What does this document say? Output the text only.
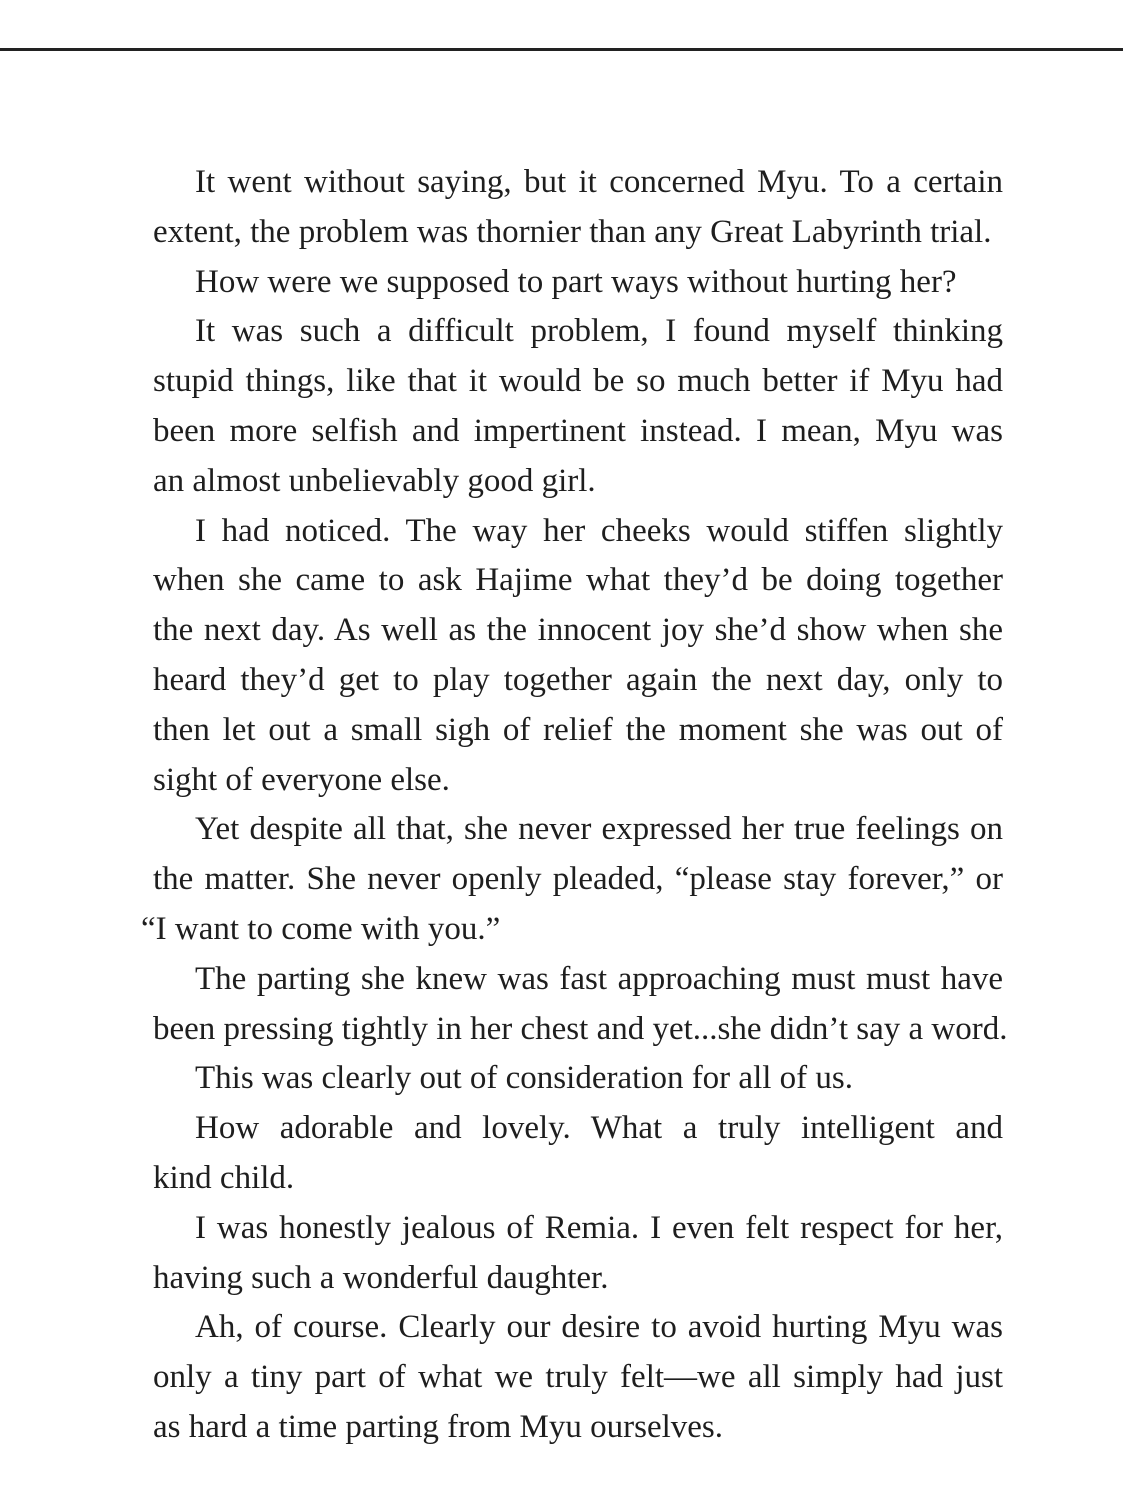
It went without saying, but it concerned Myu. To a certain
extent, the problem was thornier than any Great Labyrinth trial.
How were we supposed to part ways without hurting her?
It was such a difficult problem, I found myself thinking
stupid things, like that it would be so much better if Myu had
been more selfish and impertinent instead. I mean, Myu was
an almost unbelievably good girl.
I had noticed. The way her cheeks would stiffen slightly
when she came to ask Hajime what they’d be doing together
the next day. As well as the innocent joy she’d show when she
heard they’d get to play together again the next day, only to
then let out a small sigh of relief the moment she was out of
sight of everyone else.
Yet despite all that, she never expressed her true feelings on
the matter. She never openly pleaded, “please stay forever,” or
“I want to come with you.”
The parting she knew was fast approaching must must have
been pressing tightly in her chest and yet...she didn’t say a word.
This was clearly out of consideration for all of us.
How adorable and lovely. What a truly intelligent and
kind child.
I was honestly jealous of Remia. I even felt respect for her,
having such a wonderful daughter.
Ah, of course. Clearly our desire to avoid hurting Myu was
only a tiny part of what we truly felt—we all simply had just
as hard a time parting from Myu ourselves.
